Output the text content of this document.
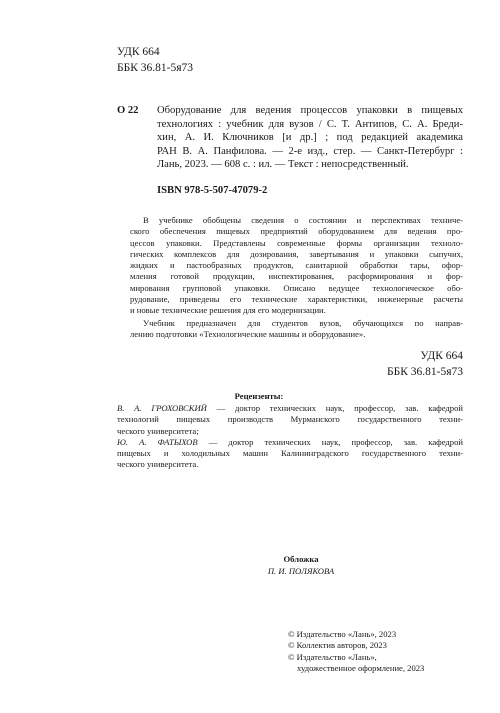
УДК 664
ББК 36.81-5я73
О 22 Оборудование для ведения процессов упаковки в пищевых
технологиях : учебник для вузов / С. Т. Антипов, С. А. Бреди-
хин, А. И. Ключников [и др.] ; под редакцией академика
РАН В. А. Панфилова. — 2-е изд., стер. — Санкт-Петербург :
Лань, 2023. — 608 с. : ил. — Текст : непосредственный.
ISBN 978-5-507-47079-2
В учебнике обобщены сведения о состоянии и перспективах техниче-
ского обеспечения пищевых предприятий оборудованием для ведения про-
цессов упаковки. Представлены современные формы организации техноло-
гических комплексов для дозирования, завертывания и упаковки сыпучих,
жидких и пастообразных продуктов, санитарной обработки тары, офор-
мления готовой продукции, инспектирования, расформирования и фор-
мирования групповой упаковки. Описано ведущее технологическое обо-
рудование, приведены его технические характеристики, инженерные расчеты
и новые технические решения для его модернизации.
Учебник предназначен для студентов вузов, обучающихся по направ-
лению подготовки «Технологические машины и оборудование».
УДК 664
ББК 36.81-5я73
Рецензенты:
В. А. ГРОХОВСКИЙ — доктор технических наук, профессор, зав. кафедрой
технологий пищевых производств Мурманского государственного техни-
ческого университета;
Ю. А. ФАТЫХОВ — доктор технических наук, профессор, зав. кафедрой
пищевых и холодильных машин Калининградского государственного техни-
ческого университета.
Обложка
П. И. ПОЛЯКОВА
© Издательство «Лань», 2023
© Коллектив авторов, 2023
© Издательство «Лань»,
художественное оформление, 2023
